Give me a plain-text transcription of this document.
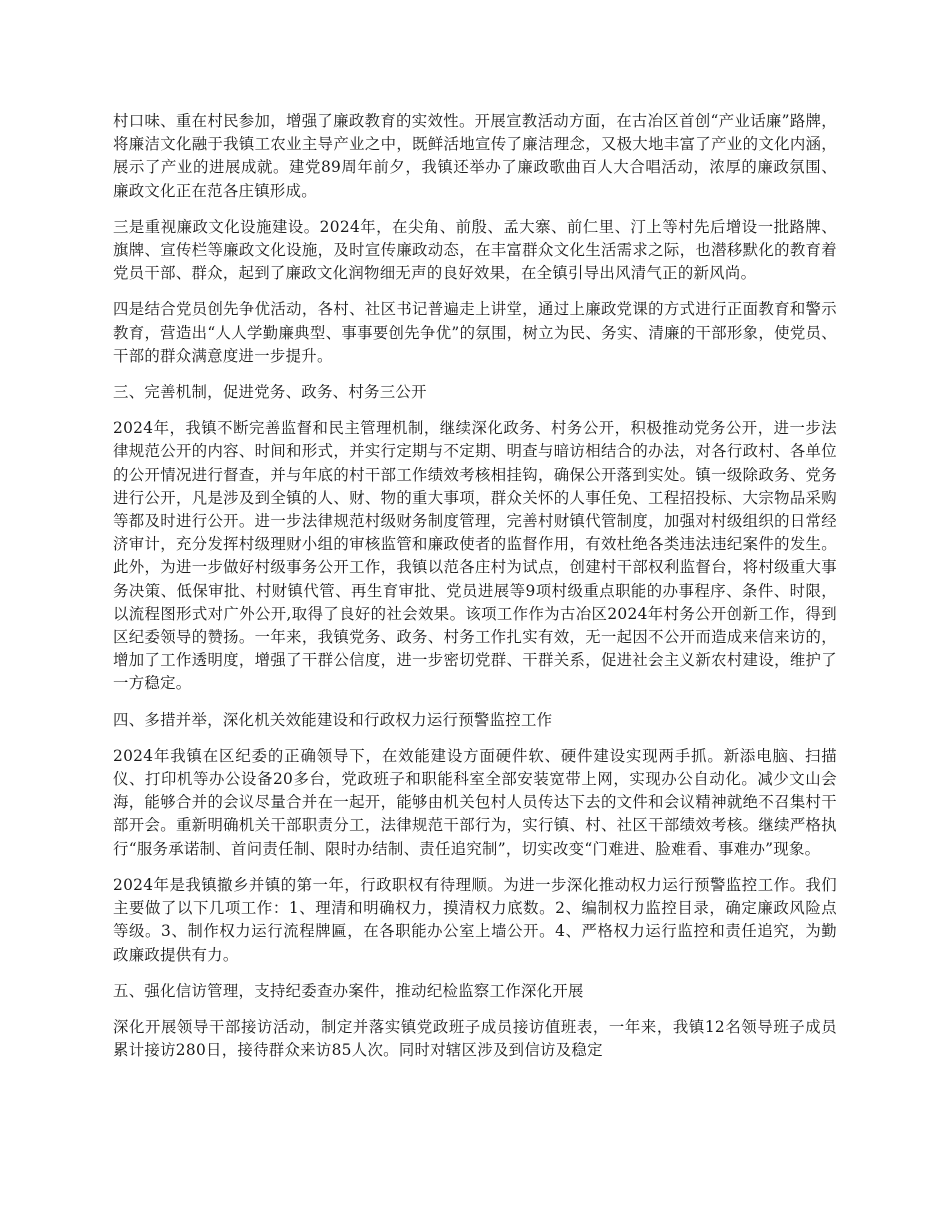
村口味、重在村民参加，增强了廉政教育的实效性。开展宣教活动方面，在古冶区首创“产业话廉”路牌，将廉洁文化融于我镇工农业主导产业之中，既鲜活地宣传了廉洁理念，又极大地丰富了产业的文化内涵，展示了产业的进展成就。建党89周年前夕，我镇还举办了廉政歌曲百人大合唱活动，浓厚的廉政氛围、廉政文化正在范各庄镇形成。

三是重视廉政文化设施建设。2024年，在尖角、前殷、孟大寨、前仁里、汀上等村先后增设一批路牌、旗牌、宣传栏等廉政文化设施，及时宣传廉政动态，在丰富群众文化生活需求之际，也潜移默化的教育着党员干部、群众，起到了廉政文化润物细无声的良好效果，在全镇引导出风清气正的新风尚。

四是结合党员创先争优活动，各村、社区书记普遍走上讲堂，通过上廉政党课的方式进行正面教育和警示教育，营造出“人人学勤廉典型、事事要创先争优”的氛围，树立为民、务实、清廉的干部形象，使党员、干部的群众满意度进一步提升。

三、完善机制，促进党务、政务、村务三公开

2024年，我镇不断完善监督和民主管理机制，继续深化政务、村务公开，积极推动党务公开，进一步法律规范公开的内容、时间和形式，并实行定期与不定期、明查与暗访相结合的办法，对各行政村、各单位的公开情况进行督查，并与年底的村干部工作绩效考核相挂钩，确保公开落到实处。镇一级除政务、党务进行公开，凡是涉及到全镇的人、财、物的重大事项，群众关怀的人事任免、工程招投标、大宗物品采购等都及时进行公开。进一步法律规范村级财务制度管理，完善村财镇代管制度，加强对村级组织的日常经济审计，充分发挥村级理财小组的审核监管和廉政使者的监督作用，有效杜绝各类违法违纪案件的发生。此外，为进一步做好村级事务公开工作，我镇以范各庄村为试点，创建村干部权利监督台，将村级重大事务决策、低保审批、村财镇代管、再生育审批、党员进展等9项村级重点职能的办事程序、条件、时限，以流程图形式对广外公开,取得了良好的社会效果。该项工作作为古冶区2024年村务公开创新工作，得到区纪委领导的赞扬。一年来，我镇党务、政务、村务工作扎实有效，无一起因不公开而造成来信来访的，增加了工作透明度，增强了干群公信度，进一步密切党群、干群关系，促进社会主义新农村建设，维护了一方稳定。

四、多措并举，深化机关效能建设和行政权力运行预警监控工作

2024年我镇在区纪委的正确领导下，在效能建设方面硬件软、硬件建设实现两手抓。新添电脑、扫描仪、打印机等办公设备20多台，党政班子和职能科室全部安装宽带上网，实现办公自动化。减少文山会海，能够合并的会议尽量合并在一起开，能够由机关包村人员传达下去的文件和会议精神就绝不召集村干部开会。重新明确机关干部职责分工，法律规范干部行为，实行镇、村、社区干部绩效考核。继续严格执行“服务承诺制、首问责任制、限时办结制、责任追究制”，切实改变“门难进、脸难看、事难办”现象。

2024年是我镇撤乡并镇的第一年，行政职权有待理顺。为进一步深化推动权力运行预警监控工作。我们主要做了以下几项工作：1、理清和明确权力，摸清权力底数。2、编制权力监控目录，确定廉政风险点等级。3、制作权力运行流程牌匾，在各职能办公室上墙公开。4、严格权力运行监控和责任追究，为勤政廉政提供有力。

五、强化信访管理，支持纪委查办案件，推动纪检监察工作深化开展

深化开展领导干部接访活动，制定并落实镇党政班子成员接访值班表，一年来，我镇12名领导班子成员累计接访280日，接待群众来访85人次。同时对辖区涉及到信访及稳定
